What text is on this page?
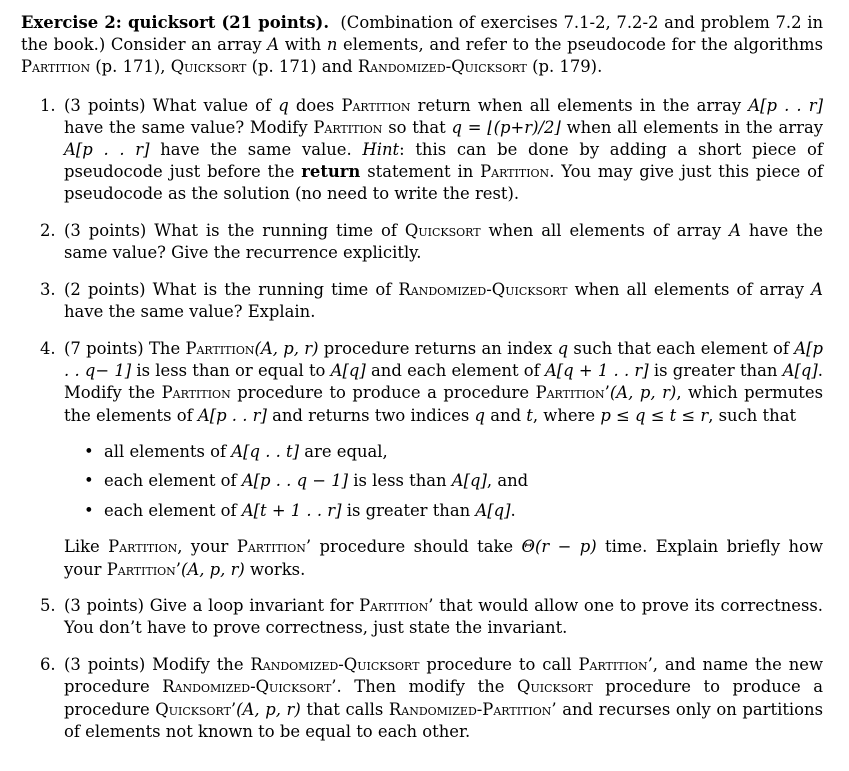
Exercise 2: quicksort (21 points). (Combination of exercises 7.1-2, 7.2-2 and problem 7.2 in the book.) Consider an array A with n elements, and refer to the pseudocode for the algorithms Partition (p. 171), Quicksort (p. 171) and Randomized-Quicksort (p. 179).

1. (3 points) What value of q does Partition return when all elements in the array A[p . . r] have the same value? Modify Partition so that q = ⌊(p+r)/2⌋ when all elements in the array A[p . . r] have the same value. Hint: this can be done by adding a short piece of pseudocode just before the return statement in Partition. You may give just this piece of pseudocode as the solution (no need to write the rest).
2. (3 points) What is the running time of Quicksort when all elements of array A have the same value? Give the recurrence explicitly.
3. (2 points) What is the running time of Randomized-Quicksort when all elements of array A have the same value? Explain.
4. (7 points) The Partition(A, p, r) procedure returns an index q such that each element of A[p . . q− 1] is less than or equal to A[q] and each element of A[q + 1 . . r] is greater than A[q]. Modify the Partition procedure to produce a procedure Partition’(A, p, r), which permutes the elements of A[p . . r] and returns two indices q and t, where p ≤ q ≤ t ≤ r, such that
• all elements of A[q . . t] are equal,
• each element of A[p . . q − 1] is less than A[q], and
• each element of A[t + 1 . . r] is greater than A[q].
Like Partition, your Partition’ procedure should take Θ(r − p) time. Explain briefly how your Partition’(A, p, r) works.
5. (3 points) Give a loop invariant for Partition’ that would allow one to prove its correctness. You don’t have to prove correctness, just state the invariant.
6. (3 points) Modify the Randomized-Quicksort procedure to call Partition’, and name the new procedure Randomized-Quicksort’. Then modify the Quicksort procedure to produce a procedure Quicksort’(A, p, r) that calls Randomized-Partition’ and recurses only on partitions of elements not known to be equal to each other.
